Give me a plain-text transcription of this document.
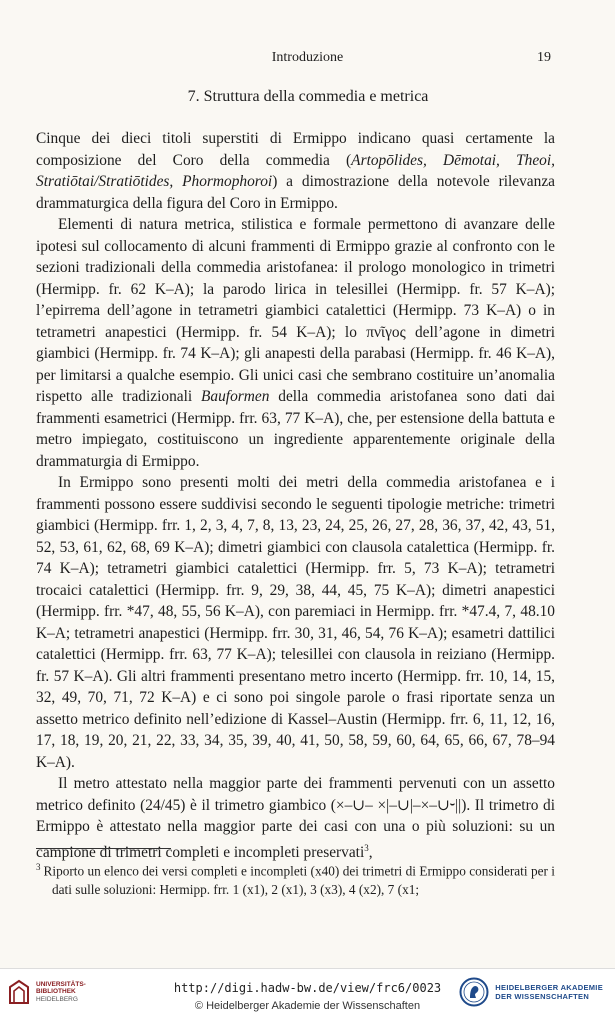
Introduzione	19
7. Struttura della commedia e metrica

Cinque dei dieci titoli superstiti di Ermippo indicano quasi certamente la composizione del Coro della commedia (Artopōlides, Dēmotai, Theoi, Stratiōtai/Stratiōtides, Phormophoroi) a dimostrazione della notevole rilevanza drammaturgica della figura del Coro in Ermippo.

Elementi di natura metrica, stilistica e formale permettono di avanzare delle ipotesi sul collocamento di alcuni frammenti di Ermippo grazie al confronto con le sezioni tradizionali della commedia aristofanea: il prologo monologico in trimetri (Hermipp. fr. 62 K–A); la parodo lirica in telesillei (Hermipp. fr. 57 K–A); l’epirrema dell’agone in tetrametri giambici catalettici (Hermipp. 73 K–A) o in tetrametri anapestici (Hermipp. fr. 54 K–A); lo πνῖγος dell’agone in dimetri giambici (Hermipp. fr. 74 K–A); gli anapesti della parabasi (Hermipp. fr. 46 K–A), per limitarsi a qualche esempio. Gli unici casi che sembrano costituire un’anomalia rispetto alle tradizionali Bauformen della commedia aristofanea sono dati dai frammenti esametrici (Hermipp. frr. 63, 77 K–A), che, per estensione della battuta e metro impiegato, costituiscono un ingrediente apparentemente originale della drammaturgia di Ermippo.

In Ermippo sono presenti molti dei metri della commedia aristofanea e i frammenti possono essere suddivisi secondo le seguenti tipologie metriche: trimetri giambici (Hermipp. frr. 1, 2, 3, 4, 7, 8, 13, 23, 24, 25, 26, 27, 28, 36, 37, 42, 43, 51, 52, 53, 61, 62, 68, 69 K–A); dimetri giambici con clausola catalettica (Hermipp. fr. 74 K–A); tetrametri giambici catalettici (Hermipp. frr. 5, 73 K–A); tetrametri trocaici catalettici (Hermipp. frr. 9, 29, 38, 44, 45, 75 K–A); dimetri anapestici (Hermipp. frr. *47, 48, 55, 56 K–A), con paremiaci in Hermipp. frr. *47.4, 7, 48.10 K–A; tetrametri anapestici (Hermipp. frr. 30, 31, 46, 54, 76 K–A); esametri dattilici catalettici (Hermipp. frr. 63, 77 K–A); telesillei con clausola in reiziano (Hermipp. fr. 57 K–A). Gli altri frammenti presentano metro incerto (Hermipp. frr. 10, 14, 15, 32, 49, 70, 71, 72 K–A) e ci sono poi singole parole o frasi riportate senza un assetto metrico definito nell’edizione di Kassel–Austin (Hermipp. frr. 6, 11, 12, 16, 17, 18, 19, 20, 21, 22, 33, 34, 35, 39, 40, 41, 50, 58, 59, 60, 64, 65, 66, 67, 78–94 K–A).

Il metro attestato nella maggior parte dei frammenti pervenuti con un assetto metrico definito (24/45) è il trimetro giambico (×–∪– ×|–∪|–×–∪⏑||). Il trimetro di Ermippo è attestato nella maggior parte dei casi con una o più soluzioni: su un campione di trimetri completi e incompleti preservati$^3$,

$^3$ Riporto un elenco dei versi completi e incompleti (x40) dei trimetri di Ermippo considerati per i dati sulle soluzioni: Hermipp. frr. 1 (x1), 2 (x1), 3 (x3), 4 (x2), 7 (x1;
UNIVERSITÄTS-
BIBLIOTHEK
HEIDELBERG
http://digi.hadw-bw.de/view/frc6/0023
© Heidelberger Akademie der Wissenschaften
HEIDELBERGER AKADEMIE
DER WISSENSCHAFTEN
